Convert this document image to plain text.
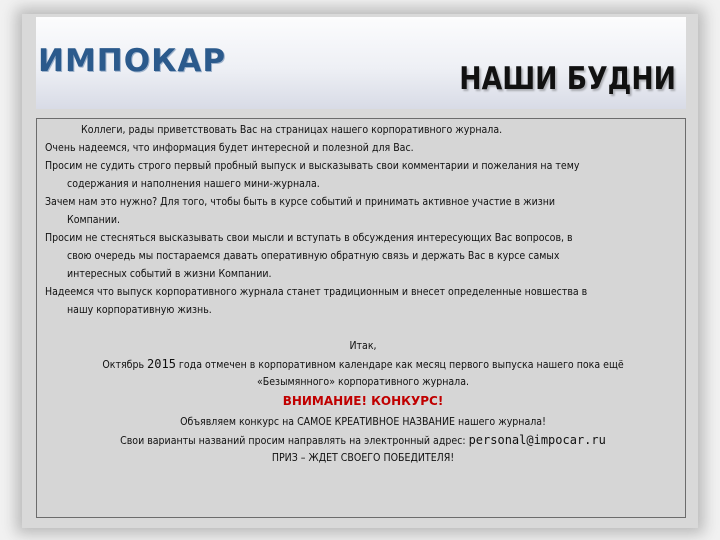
ИМПОКАР	НАШИ БУДНИ
Коллеги, рады приветствовать Вас на страницах нашего корпоративного журнала.
Очень надеемся, что информация будет интересной и полезной для Вас.
Просим не судить строго первый пробный выпуск и высказывать свои комментарии и пожелания на тему
содержания и наполнения нашего мини-журнала.
Зачем нам это нужно? Для того, чтобы быть в курсе событий и принимать активное участие в жизни
Компании.
Просим не стесняться высказывать свои мысли и вступать в обсуждения интересующих Вас вопросов, в
свою очередь мы постараемся давать оперативную обратную связь и держать Вас в курсе самых
интересных событий в жизни Компании.
Надеемся что выпуск корпоративного журнала станет традиционным и внесет определенные новшества в
нашу корпоративную жизнь.
Итак,
Октябрь 2015 года отмечен в корпоративном календаре как месяц первого выпуска нашего пока ещё
«Безымянного» корпоративного журнала.
ВНИМАНИЕ! КОНКУРС!
Объявляем конкурс на САМОЕ КРЕАТИВНОЕ НАЗВАНИЕ нашего журнала!
Свои варианты названий просим направлять на электронный адрес: personal@impocar.ru
ПРИЗ – ЖДЕТ СВОЕГО ПОБЕДИТЕЛЯ!
